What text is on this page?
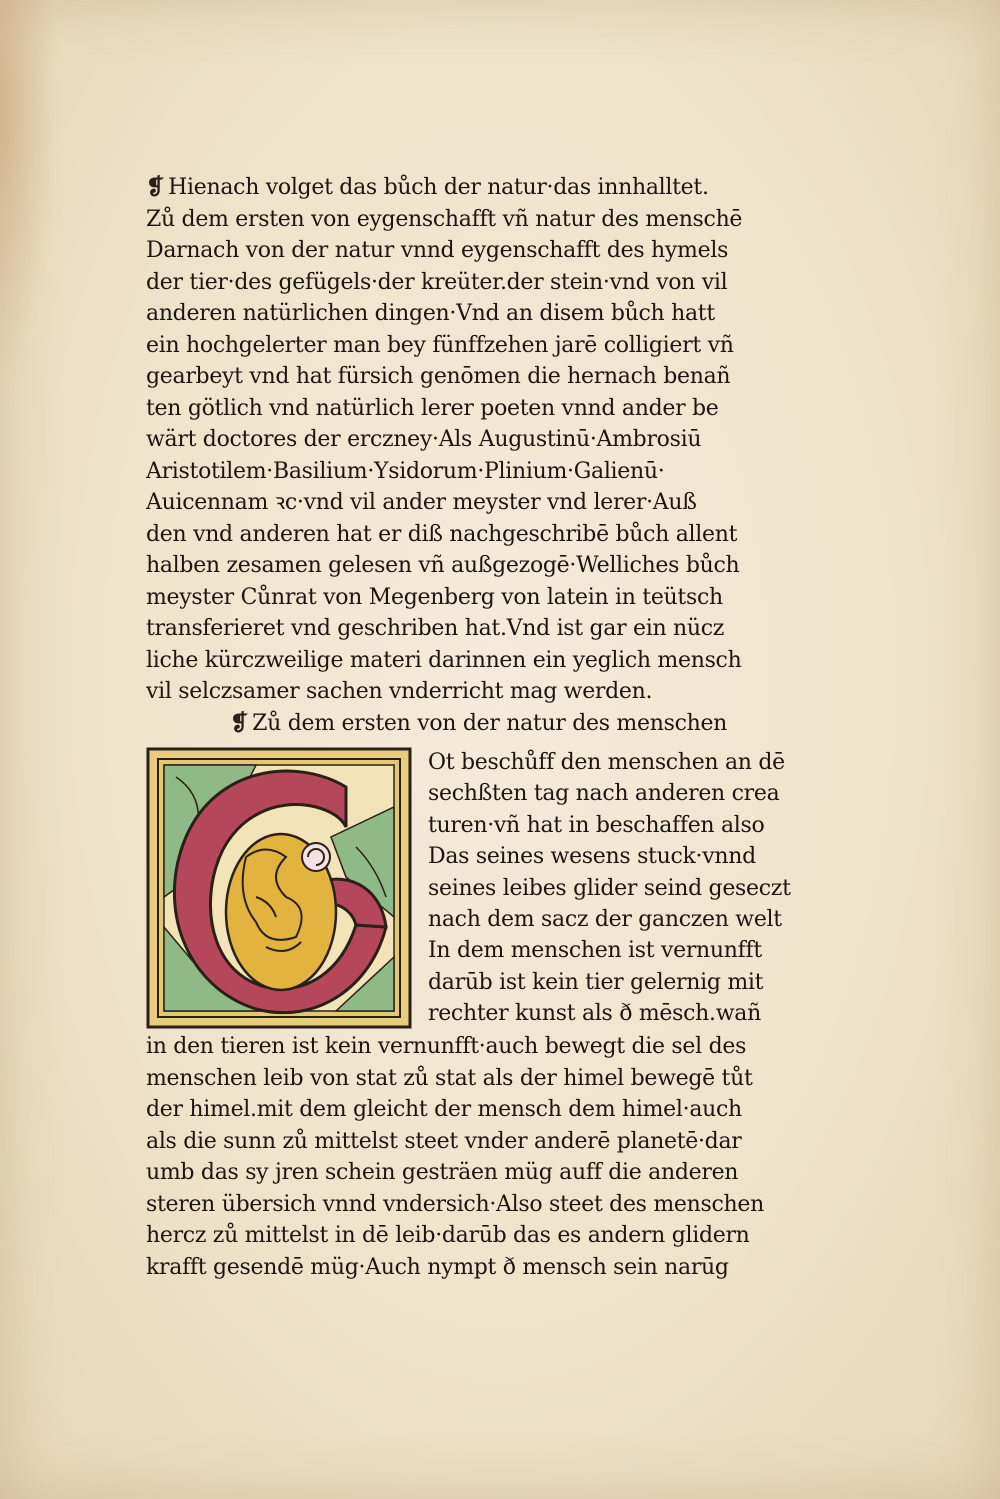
❡ Hienach volget das bůch der natur·das innhalltet.
Zů dem ersten von eygenschafft vñ natur des menschē
Darnach von der natur vnnd eygenschafft des hymels
der tier·des gefügels·der kreüter.der stein·vnd von vil
anderen natürlichen dingen·Vnd an disem bůch hatt
ein hochgelerter man bey fünffzehen jarē colligiert vñ
gearbeyt vnd hat fürsich genōmen die hernach benañ
ten götlich vnd natürlich lerer poeten vnnd ander be
wärt doctores der erczney·Als Augustinū·Ambrosiū
Aristotilem·Basilium·Ysidorum·Plinium·Galienū·
Auicennam ꝛc·vnd vil ander meyster vnd lerer·Auß
den vnd anderen hat er diß nachgeschribē bůch allent
halben zesamen gelesen vñ außgezogē·Welliches bůch
meyster Cůnrat von Megenberg von latein in teütsch
transferieret vnd geschriben hat.Vnd ist gar ein nücz
liche kürczweilige materi darinnen ein yeglich mensch
vil selczsamer sachen vnderricht mag werden.
❡ Zů dem ersten von der natur des menschen
Ot beschůff den menschen an dē
sechßten tag nach anderen crea
turen·vñ hat in beschaffen also
Das seines wesens stuck·vnnd
seines leibes glider seind geseczt
nach dem sacz der ganczen welt
In dem menschen ist vernunfft
darūb ist kein tier gelernig mit
rechter kunst als ð mēsch.wañ
in den tieren ist kein vernunfft·auch bewegt die sel des
menschen leib von stat zů stat als der himel bewegē tůt
der himel.mit dem gleicht der mensch dem himel·auch
als die sunn zů mittelst steet vnder anderē planetē·dar
umb das sy jren schein gesträen müg auff die anderen
steren übersich vnnd vndersich·Also steet des menschen
hercz zů mittelst in dē leib·darūb das es andern glidern
krafft gesendē müg·Auch nympt ð mensch sein narūg
